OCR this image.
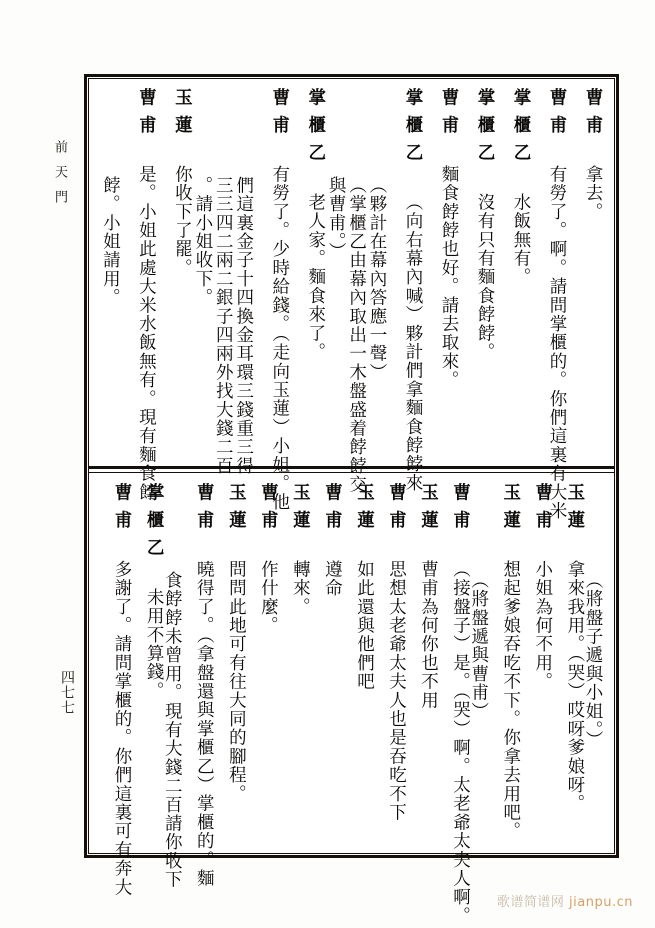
前天門
四七七
曹甫拿去。
曹甫有勞了。啊。請問掌櫃的。你們這裏有大米
掌櫃乙水飯無有。
掌櫃乙沒有只有麵食餑餑。
曹甫麵食餑餑也好。請去取來。
掌櫃乙（向右幕內喊）夥計們拿麵食餑餑來
（夥計在幕內答應一聲）
（掌櫃乙由幕內取出一木盤盛着餑餑交
與曹甫。）
掌櫃乙老人家。麵食來了。
曹甫有勞了。少時給錢。（走向玉蓮）小姐。他
們這裏金子十四換金耳環三錢重三得
三三四二兩二銀子四兩外找大錢二百
。請小姐收下。
玉蓮你收下了罷。
曹甫是。小姐此處大米水飯無有。現有麵食餑
餑。小姐請用。
（將盤子遞與小姐。）
玉蓮拿來我用。（哭）哎呀爹娘呀。
曹甫小姐為何不用。
玉蓮想起爹娘吞吃不下。你拿去用吧。
（將盤遞與曹甫）
曹甫（接盤子）是。（哭）啊。太老爺太夫人啊。
玉蓮曹甫為何你也不用
曹甫思想太老爺太夫人也是吞吃不下
玉蓮如此還與他們吧
曹甫遵命
玉蓮轉來。
曹甫作什麼。
玉蓮問問此地可有往大同的腳程。
曹甫曉得了。（拿盤還與掌櫃乙）掌櫃的。麵
食餑餑未曾用。現有大錢二百請你收下
掌櫃乙未用不算錢。
曹甫多謝了。請問掌櫃的。你們這裏可有奔大
歌谱简谱网 jianpu.cn
